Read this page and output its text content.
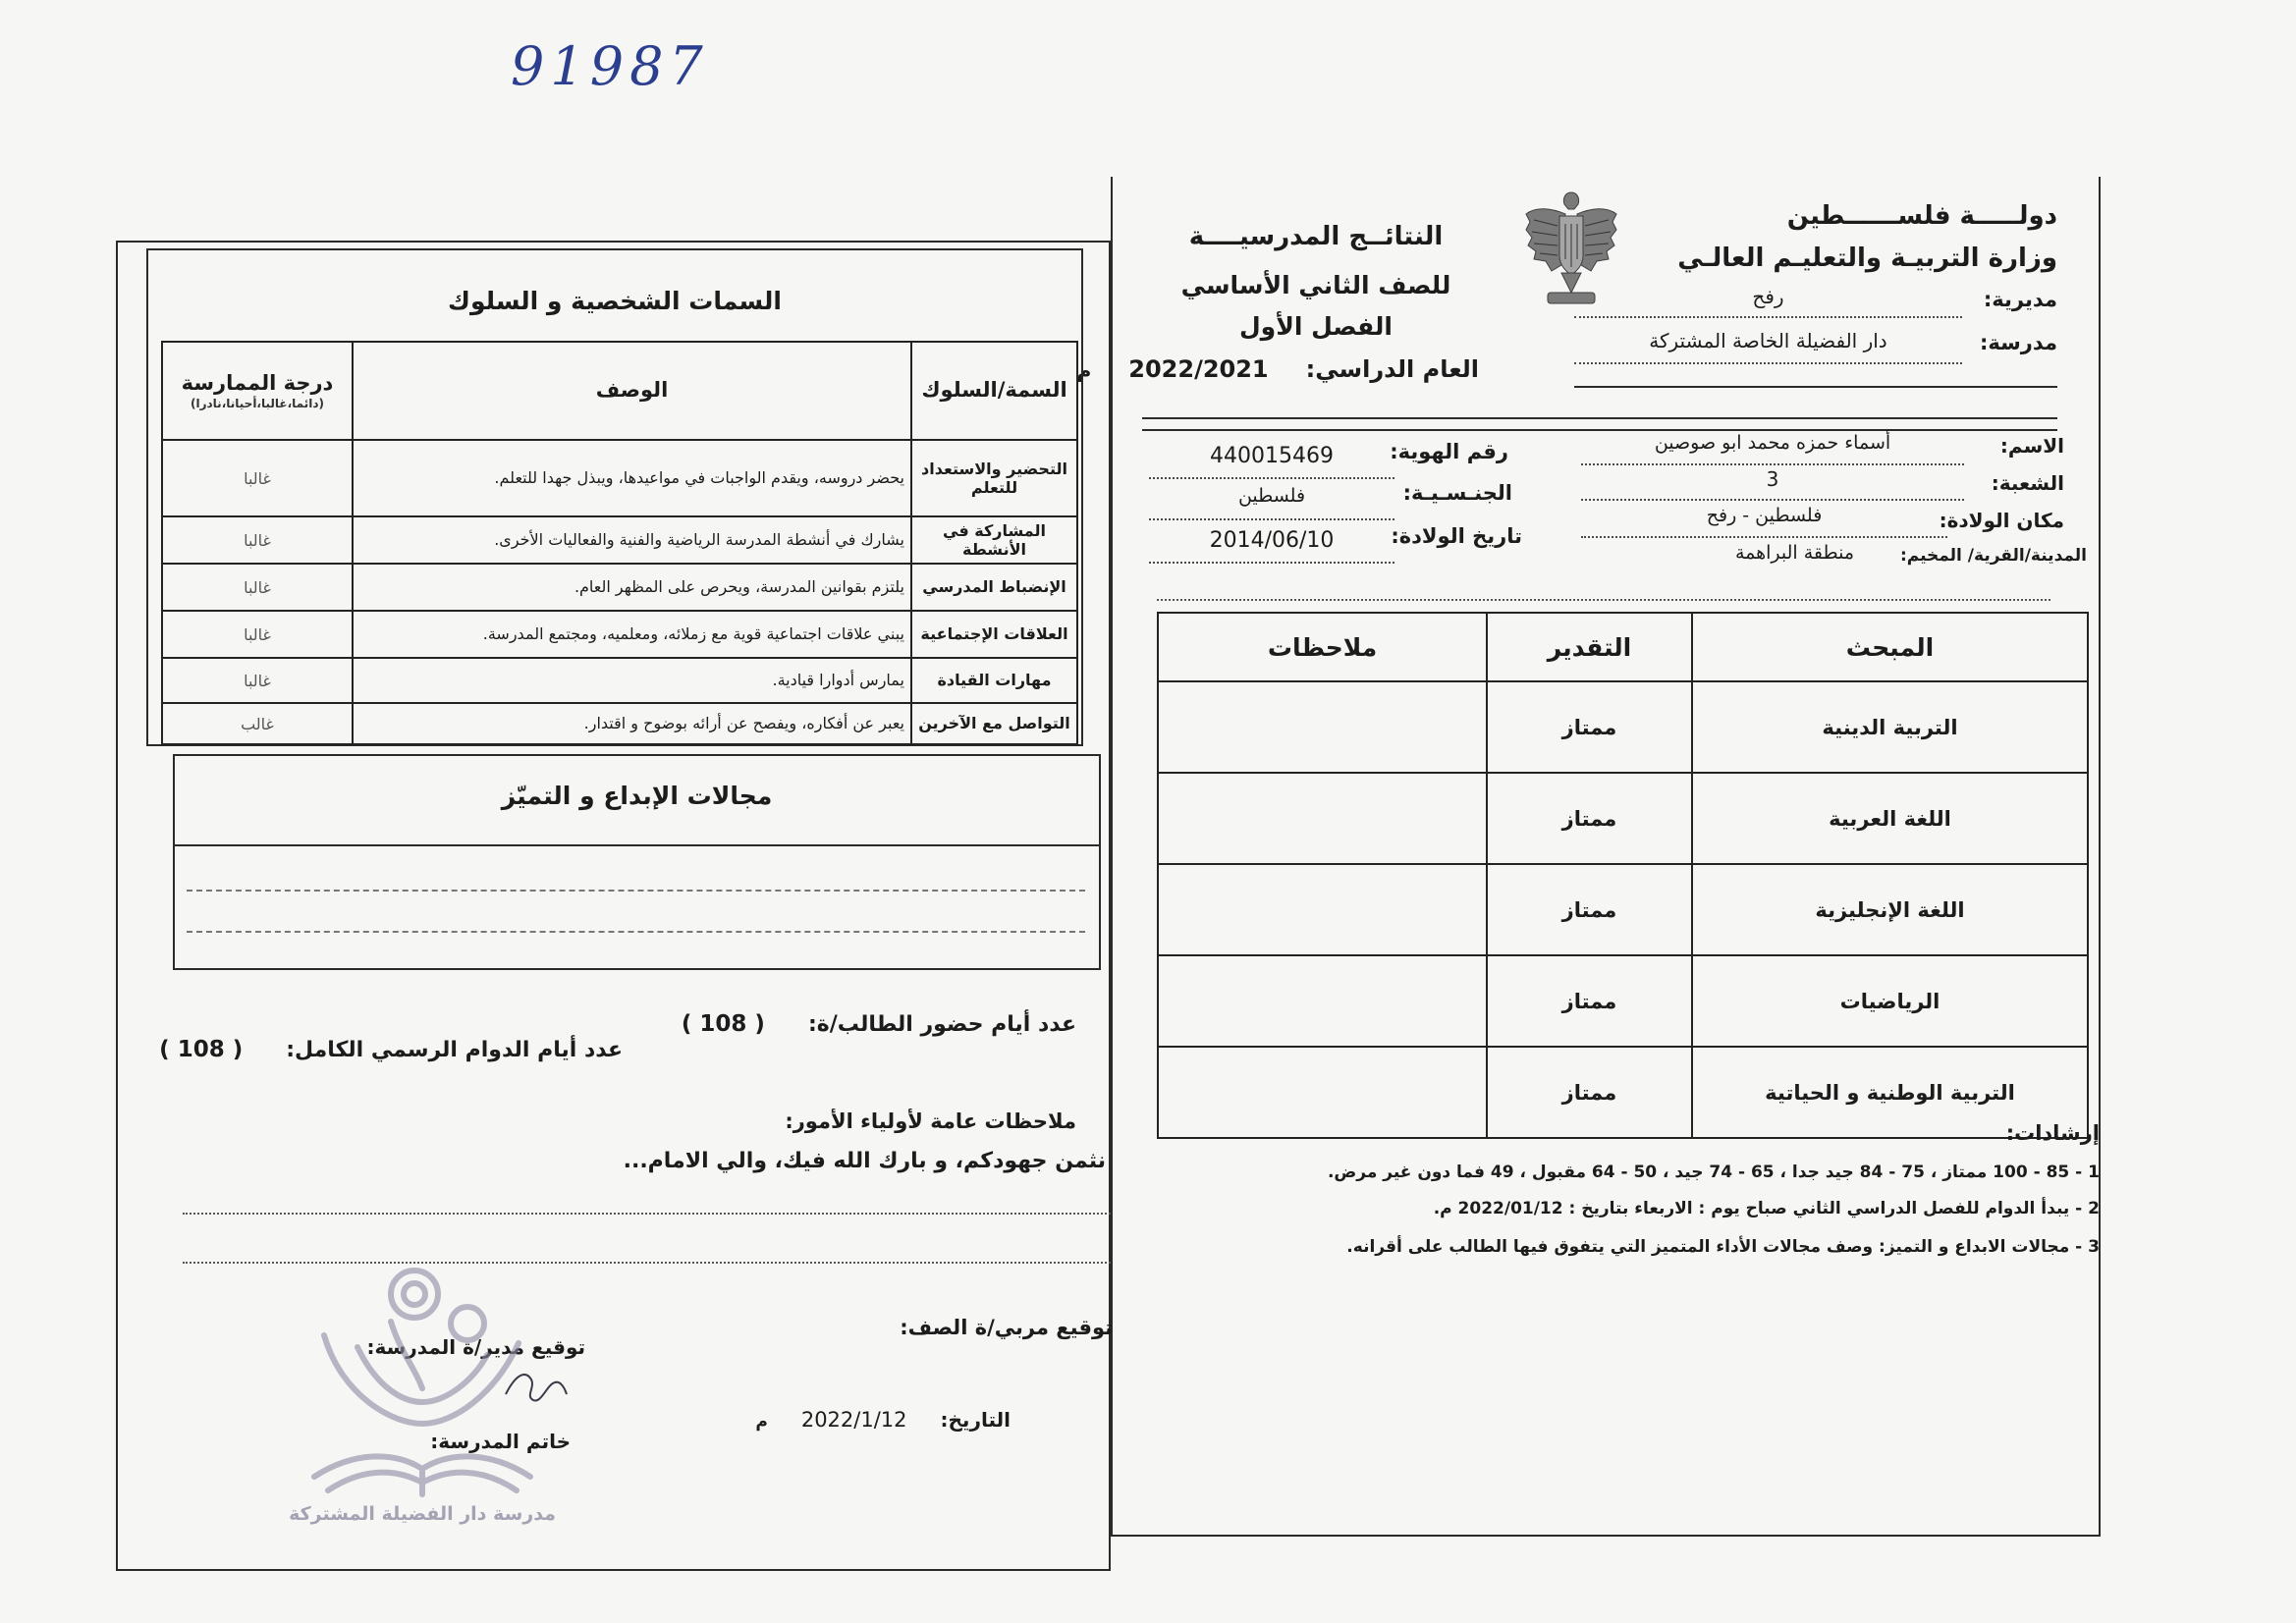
91987
دولـــــة فلســــــطين
وزارة التربيـة والتعليـم العالـي
النتائــج المدرسيــــة
للصف الثاني الأساسي
الفصل الأول
مديرية:
رفح
مدرسة:
دار الفضيلة الخاصة المشتركة
العام الدراسي:
2022/2021
م
الاسم:
أسماء حمزه محمد ابو صوصين
الشعبة:
3
مكان الولادة:
فلسطين - رفح
المدينة/القرية/ المخيم:
منطقة البراهمة
رقم الهوية:
440015469
الجنـسـيـة:
فلسطين
تاريخ الولادة:
2014/06/10
المبحث	التقدير	ملاحظات
التربية الدينية	ممتاز	
اللغة العربية	ممتاز	
اللغة الإنجليزية	ممتاز	
الرياضيات	ممتاز	
التربية الوطنية و الحياتية	ممتاز	
إرشادات:
1 - 85 - 100 ممتاز ، 75 - 84 جيد جدا ، 65 - 74 جيد ، 50 - 64 مقبول ، 49 فما دون غير مرض.
2 - يبدأ الدوام للفصل الدراسي الثاني صباح يوم : الاربعاء بتاريخ : 2022/01/12 م.
3 - مجالات الابداع و التميز: وصف مجالات الأداء المتميز التي يتفوق فيها الطالب على أقرانه.
السمات الشخصية و السلوك
السمة/السلوك	الوصف	درجة الممارسة
(دائما،غالبا،أحيانا،نادرا)

التحضير والاستعداد للتعلم	يحضر دروسه، ويقدم الواجبات في مواعيدها، ويبذل جهدا للتعلم.	غالبا
المشاركة في الأنشطة	يشارك في أنشطة المدرسة الرياضية والفنية والفعاليات الأخرى.	غالبا
الإنضباط المدرسي	يلتزم بقوانين المدرسة، ويحرص على المظهر العام.	غالبا
العلاقات الإجتماعية	يبني علاقات اجتماعية قوية مع زملائه، ومعلميه، ومجتمع المدرسة.	غالبا
مهارات القيادة	يمارس أدوارا قيادية.	غالبا
التواصل مع الآخرين	يعبر عن أفكاره، ويفصح عن أرائه بوضوح و اقتدار.	غالب
مجالات الإبداع و التميّز
عدد أيام حضور الطالب/ة:
( 108 )
عدد أيام الدوام الرسمي الكامل:
( 108 )
ملاحظات عامة لأولياء الأمور:
نثمن جهودكم، و بارك الله فيك، والي الامام...
توقيع مربي/ة الصف:
توقيع مدير/ة المدرسة:
خاتم المدرسة:
التاريخ:
2022/1/12
م
مدرسة دار الفضيلة المشتركة
